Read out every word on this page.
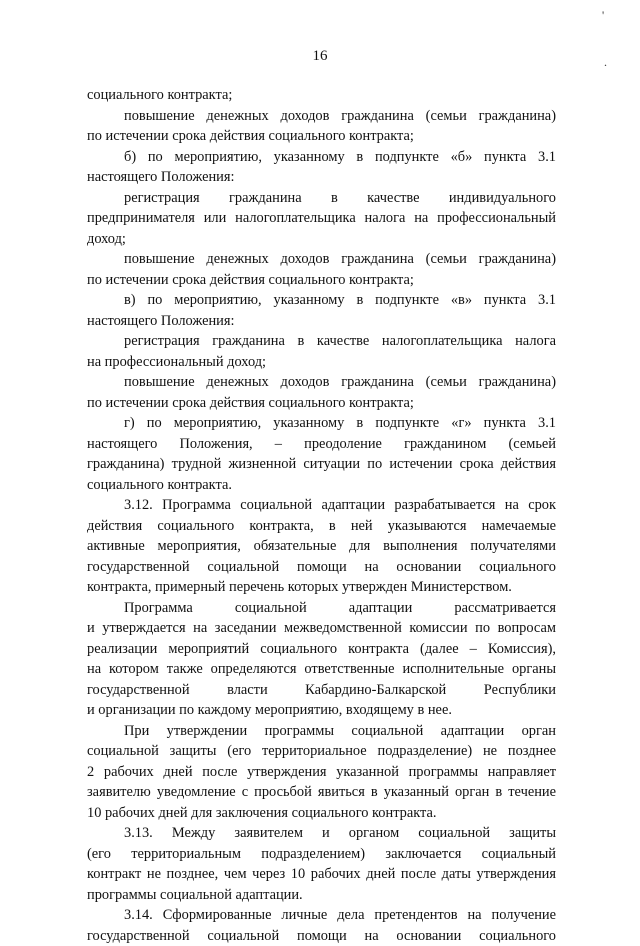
'
.
16
социального контракта;
повышение денежных доходов гражданина (семьи гражданина)
по истечении срока действия социального контракта;
б) по мероприятию, указанному в подпункте «б» пункта 3.1
настоящего Положения:
регистрация гражданина в качестве индивидуального
предпринимателя или налогоплательщика налога на профессиональный
доход;
повышение денежных доходов гражданина (семьи гражданина)
по истечении срока действия социального контракта;
в) по мероприятию, указанному в подпункте «в» пункта 3.1
настоящего Положения:
регистрация гражданина в качестве налогоплательщика налога
на профессиональный доход;
повышение денежных доходов гражданина (семьи гражданина)
по истечении срока действия социального контракта;
г) по мероприятию, указанному в подпункте «г» пункта 3.1
настоящего Положения, – преодоление гражданином (семьей
гражданина) трудной жизненной ситуации по истечении срока действия
социального контракта.
3.12. Программа социальной адаптации разрабатывается на срок
действия социального контракта, в ней указываются намечаемые
активные мероприятия, обязательные для выполнения получателями
государственной социальной помощи на основании социального
контракта, примерный перечень которых утвержден Министерством.
Программа социальной адаптации рассматривается
и утверждается на заседании межведомственной комиссии по вопросам
реализации мероприятий социального контракта (далее – Комиссия),
на котором также определяются ответственные исполнительные органы
государственной власти Кабардино-Балкарской Республики
и организации по каждому мероприятию, входящему в нее.
При утверждении программы социальной адаптации орган
социальной защиты (его территориальное подразделение) не позднее
2 рабочих дней после утверждения указанной программы направляет
заявителю уведомление с просьбой явиться в указанный орган в течение
10 рабочих дней для заключения социального контракта.
3.13. Между заявителем и органом социальной защиты
(его территориальным подразделением) заключается социальный
контракт не позднее, чем через 10 рабочих дней после даты утверждения
программы социальной адаптации.
3.14. Сформированные личные дела претендентов на получение
государственной социальной помощи на основании социального
